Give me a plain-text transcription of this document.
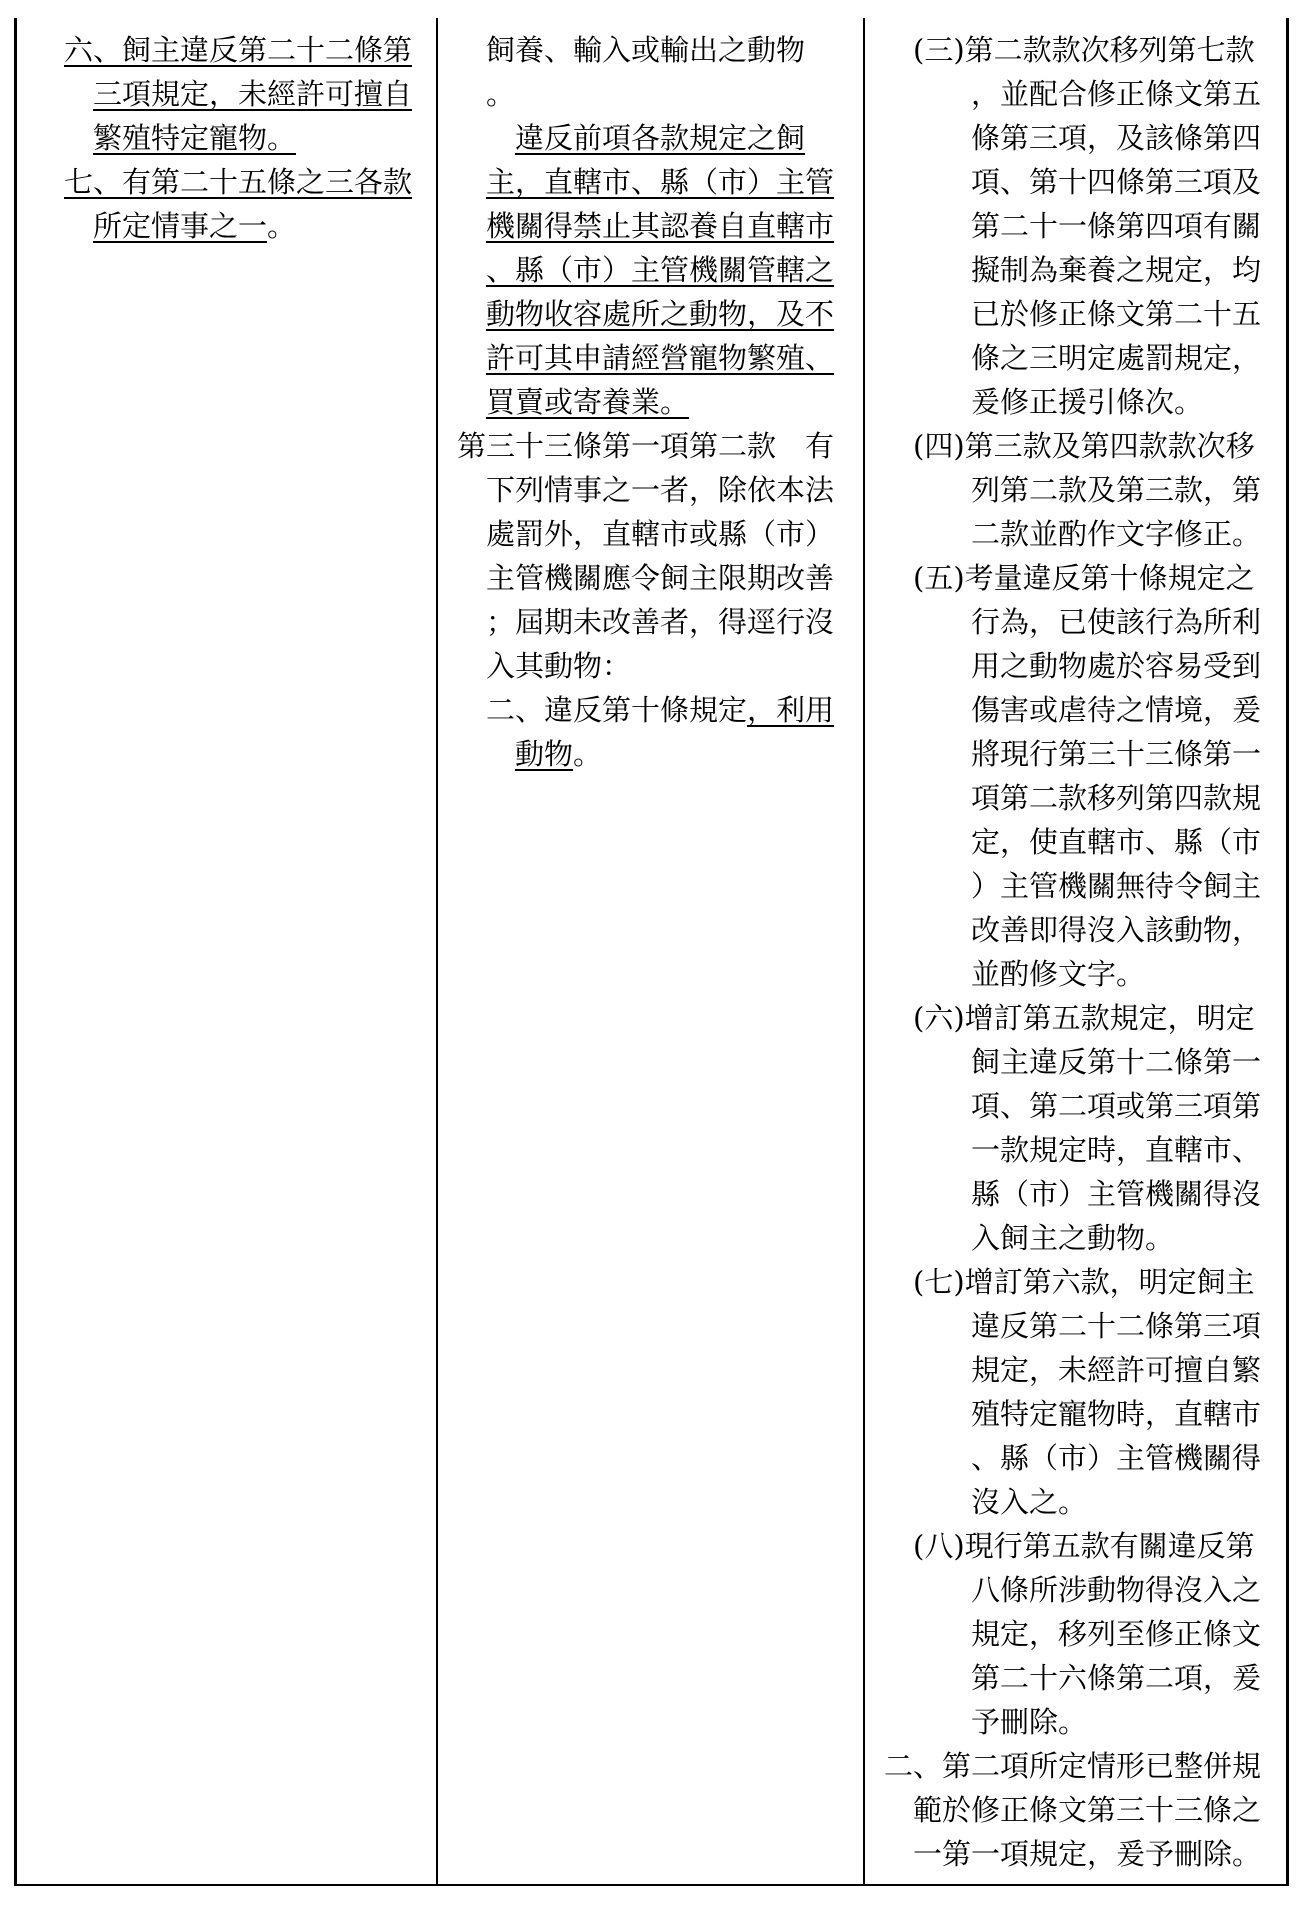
六、飼主違反第二十二條第
三項規定，未經許可擅自
繁殖特定寵物。
七、有第二十五條之三各款
所定情事之一。
飼養、輸入或輸出之動物
。
違反前項各款規定之飼
主，直轄市、縣（市）主管
機關得禁止其認養自直轄市
、縣（市）主管機關管轄之
動物收容處所之動物，及不
許可其申請經營寵物繁殖、
買賣或寄養業。
第三十三條第一項第二款　有
下列情事之一者，除依本法
處罰外，直轄市或縣（市）
主管機關應令飼主限期改善
；屆期未改善者，得逕行沒
入其動物：
二、違反第十條規定，利用
動物。
(三)第二款款次移列第七款
，並配合修正條文第五
條第三項，及該條第四
項、第十四條第三項及
第二十一條第四項有關
擬制為棄養之規定，均
已於修正條文第二十五
條之三明定處罰規定，
爰修正援引條次。
(四)第三款及第四款款次移
列第二款及第三款，第
二款並酌作文字修正。
(五)考量違反第十條規定之
行為，已使該行為所利
用之動物處於容易受到
傷害或虐待之情境，爰
將現行第三十三條第一
項第二款移列第四款規
定，使直轄市、縣（市
）主管機關無待令飼主
改善即得沒入該動物，
並酌修文字。
(六)增訂第五款規定，明定
飼主違反第十二條第一
項、第二項或第三項第
一款規定時，直轄市、
縣（市）主管機關得沒
入飼主之動物。
(七)增訂第六款，明定飼主
違反第二十二條第三項
規定，未經許可擅自繁
殖特定寵物時，直轄市
、縣（市）主管機關得
沒入之。
(八)現行第五款有關違反第
八條所涉動物得沒入之
規定，移列至修正條文
第二十六條第二項，爰
予刪除。
二、第二項所定情形已整併規
範於修正條文第三十三條之
一第一項規定，爰予刪除。
